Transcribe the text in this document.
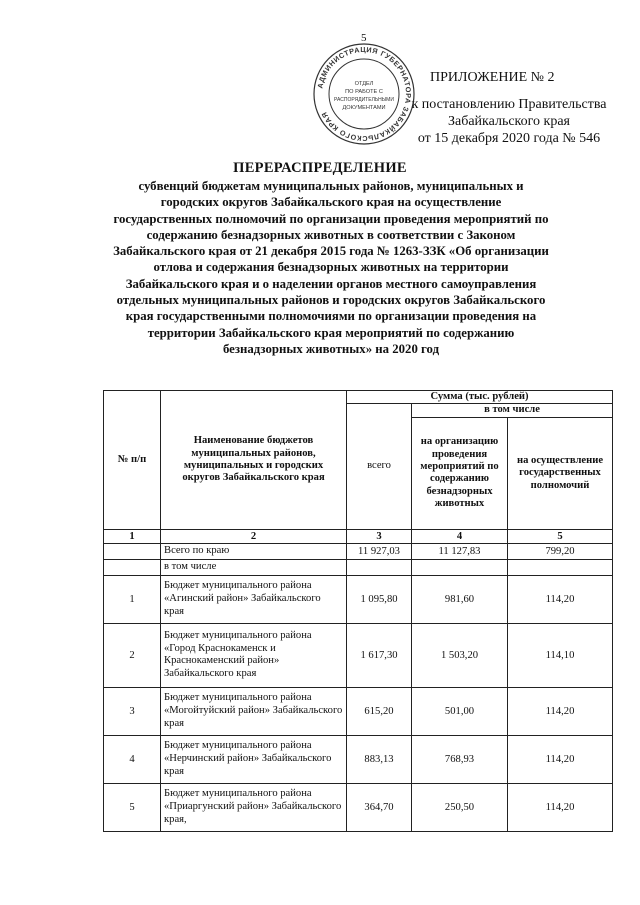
5
АДМИНИСТРАЦИЯ ГУБЕРНАТОРА ЗАБАЙКАЛЬСКОГО КРАЯ
ОТДЕЛ
ПО РАБОТЕ С
РАСПОРЯДИТЕЛЬНЫМИ
ДОКУМЕНТАМИ
ПРИЛОЖЕНИЕ № 2
к постановлению Правительства
Забайкальского края
от 15 декабря 2020 года № 546
ПЕРЕРАСПРЕДЕЛЕНИЕ
субвенций бюджетам муниципальных районов, муниципальных и городских округов Забайкальского края на осуществление государственных полномочий по организации проведения мероприятий по содержанию безнадзорных животных в соответствии с Законом Забайкальского края от 21 декабря 2015 года № 1263-ЗЗК «Об организации отлова и содержания безнадзорных животных на территории Забайкальского края и о наделении органов местного самоуправления отдельных муниципальных районов и городских округов Забайкальского края государственными полномочиями по организации проведения на территории Забайкальского края мероприятий по содержанию безнадзорных животных» на 2020 год
№ п/п	Наименование бюджетов муниципальных районов, муниципальных и городских округов Забайкальского края	Сумма (тыс. рублей)		
		всего	в том числе	
			на организацию проведения мероприятий по содержанию безнадзорных животных	на осуществление государственных полномочий
1	2	3	4	5
	Всего по краю	11 927,03	11 127,83	799,20
	в том числе			
1	Бюджет муниципального района «Агинский район» Забайкальского края	1 095,80	981,60	114,20
2	Бюджет муниципального района «Город Краснокаменск и Краснокаменский район» Забайкальского края	1 617,30	1 503,20	114,10
3	Бюджет муниципального района «Могойтуйский район» Забайкальского края	615,20	501,00	114,20
4	Бюджет муниципального района «Нерчинский район» Забайкальского края	883,13	768,93	114,20
5	Бюджет муниципального района «Приаргунский район» Забайкальского края,	364,70	250,50	114,20
